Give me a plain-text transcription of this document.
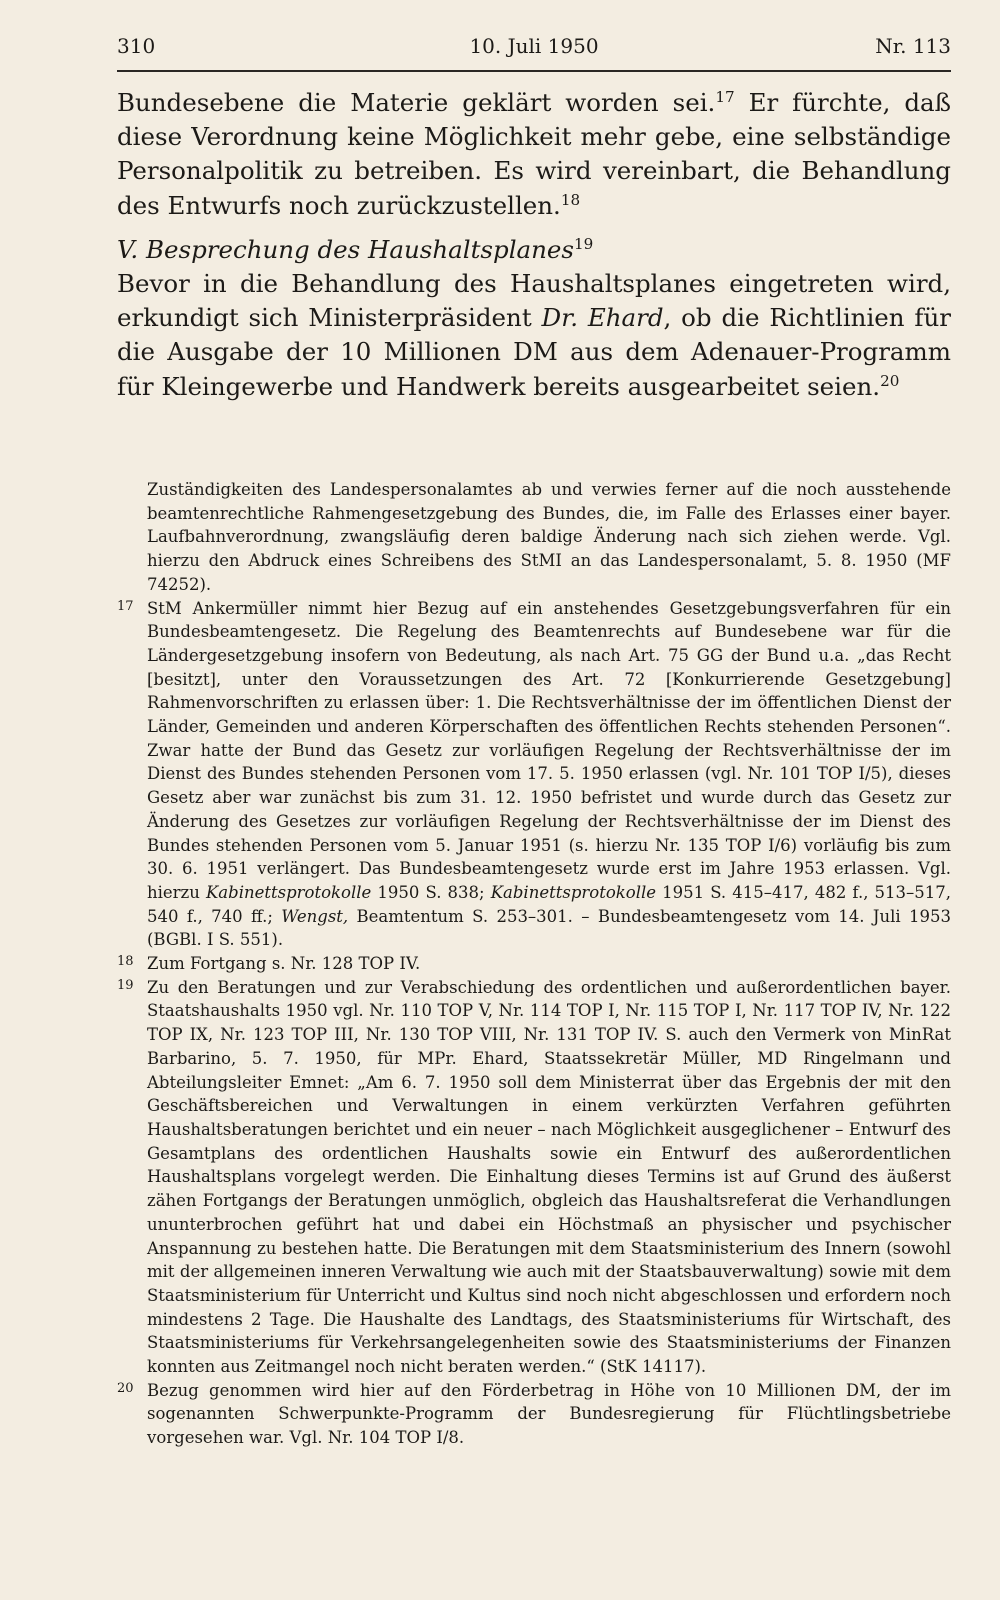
310	10. Juli 1950	Nr. 113

Bundesebene die Materie geklärt worden sei.$^{17}$ Er fürchte, daß diese Verordnung keine Möglichkeit mehr gebe, eine selbständige Personalpolitik zu betreiben. Es wird vereinbart, die Behandlung des Entwurfs noch zurückzustellen.$^{18}$

V. Besprechung des Haushaltsplanes$^{19}$

Bevor in die Behandlung des Haushaltsplanes eingetreten wird, erkundigt sich Ministerpräsident Dr. Ehard, ob die Richtlinien für die Ausgabe der 10 Millionen DM aus dem Adenauer-Programm für Kleingewerbe und Handwerk bereits ausgearbeitet seien.$^{20}$

Zuständigkeiten des Landespersonalamtes ab und verwies ferner auf die noch ausstehende beamtenrechtliche Rahmengesetzgebung des Bundes, die, im Falle des Erlasses einer bayer. Laufbahnverordnung, zwangsläufig deren baldige Änderung nach sich ziehen werde. Vgl. hierzu den Abdruck eines Schreibens des StMI an das Landespersonalamt, 5. 8. 1950 (MF 74252).
17 StM Ankermüller nimmt hier Bezug auf ein anstehendes Gesetzgebungsverfahren für ein Bundesbeamtengesetz. Die Regelung des Beamtenrechts auf Bundesebene war für die Ländergesetzgebung insofern von Bedeutung, als nach Art. 75 GG der Bund u.a. „das Recht [besitzt], unter den Voraussetzungen des Art. 72 [Konkurrierende Gesetzgebung] Rahmenvorschriften zu erlassen über: 1. Die Rechtsverhältnisse der im öffentlichen Dienst der Länder, Gemeinden und anderen Körperschaften des öffentlichen Rechts stehenden Personen“. Zwar hatte der Bund das Gesetz zur vorläufigen Regelung der Rechtsverhältnisse der im Dienst des Bundes stehenden Personen vom 17. 5. 1950 erlassen (vgl. Nr. 101 TOP I/5), dieses Gesetz aber war zunächst bis zum 31. 12. 1950 befristet und wurde durch das Gesetz zur Änderung des Gesetzes zur vorläufigen Regelung der Rechtsverhältnisse der im Dienst des Bundes stehenden Personen vom 5. Januar 1951 (s. hierzu Nr. 135 TOP I/6) vorläufig bis zum 30. 6. 1951 verlängert. Das Bundesbeamtengesetz wurde erst im Jahre 1953 erlassen. Vgl. hierzu Kabinettsprotokolle 1950 S. 838; Kabinettsprotokolle 1951 S. 415–417, 482 f., 513–517, 540 f., 740 ff.; Wengst, Beamtentum S. 253–301. – Bundesbeamtengesetz vom 14. Juli 1953 (BGBl. I S. 551).
18 Zum Fortgang s. Nr. 128 TOP IV.
19 Zu den Beratungen und zur Verabschiedung des ordentlichen und außerordentlichen bayer. Staatshaushalts 1950 vgl. Nr. 110 TOP V, Nr. 114 TOP I, Nr. 115 TOP I, Nr. 117 TOP IV, Nr. 122 TOP IX, Nr. 123 TOP III, Nr. 130 TOP VIII, Nr. 131 TOP IV. S. auch den Vermerk von MinRat Barbarino, 5. 7. 1950, für MPr. Ehard, Staatssekretär Müller, MD Ringelmann und Abteilungsleiter Emnet: „Am 6. 7. 1950 soll dem Ministerrat über das Ergebnis der mit den Geschäftsbereichen und Verwaltungen in einem verkürzten Verfahren geführten Haushaltsberatungen berichtet und ein neuer – nach Möglichkeit ausgeglichener – Entwurf des Gesamtplans des ordentlichen Haushalts sowie ein Entwurf des außerordentlichen Haushaltsplans vorgelegt werden. Die Einhaltung dieses Termins ist auf Grund des äußerst zähen Fortgangs der Beratungen unmöglich, obgleich das Haushaltsreferat die Verhandlungen ununterbrochen geführt hat und dabei ein Höchstmaß an physischer und psychischer Anspannung zu bestehen hatte. Die Beratungen mit dem Staatsministerium des Innern (sowohl mit der allgemeinen inneren Verwaltung wie auch mit der Staatsbauverwaltung) sowie mit dem Staatsministerium für Unterricht und Kultus sind noch nicht abgeschlossen und erfordern noch mindestens 2 Tage. Die Haushalte des Landtags, des Staatsministeriums für Wirtschaft, des Staatsministeriums für Verkehrsangelegenheiten sowie des Staatsministeriums der Finanzen konnten aus Zeitmangel noch nicht beraten werden.“ (StK 14117).
20 Bezug genommen wird hier auf den Förderbetrag in Höhe von 10 Millionen DM, der im sogenannten Schwerpunkte-Programm der Bundesregierung für Flüchtlingsbetriebe vorgesehen war. Vgl. Nr. 104 TOP I/8.
